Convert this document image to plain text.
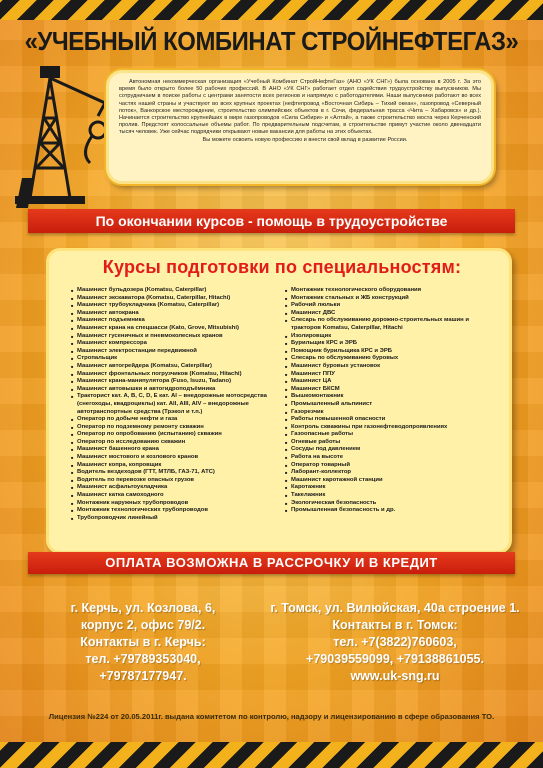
«УЧЕБНЫЙ КОМБИНАТ СТРОЙНЕФТЕГАЗ»

Автономная некоммерческая организация «Учебный Комбинат СтройНефтеГаз» (АНО «УК СНГ») была основана в 2005 г. За это время было открыто более 50 рабочих профессий. В АНО «УК СНГ» работает отдел содействия трудоустройству выпускников. Мы сотрудничаем в поиске работы с центрами занятости всех регионов и напрямую с работодателями. Наши выпускники работают во всех частях нашей страны и участвуют во всех крупных проектах (нефтепровод «Восточная Сибирь – Тихий океан», газопровод «Северный поток», Ванкорское месторождение, строительство олимпийских объектов в г. Сочи, федеральная трасса «Чита – Хабаровск» и др.). Начинается строительство крупнейших в мире газопроводов «Сила Сибири» и «Алтай», а также строительство моста через Керченский пролив. Предстоят колоссальные объемы работ. По предварительным подсчетам, в строительстве примут участие около двенадцати тысяч человек. Уже сейчас подрядчики открывают новые вакансии для работы на этих объектах.

Вы можете освоить новую профессию и внести свой вклад в развитие России.

По окончании курсов - помощь в трудоустройстве
Курсы подготовки по специальностям:
■ Машинист бульдозера (Komatsu, Caterpillar)
■ Машинист экскаватора (Komatsu, Caterpillar, Hitachi)
■ Машинист трубоукладчика (Komatsu, Caterpillar)
■ Машинист автокрана
■ Машинист подъемника
■ Машинист крана на спецшасси (Kato, Grove, Mitsubishi)
■ Машинист гусеничных и пневмоколесных кранов
■ Машинист компрессора
■ Машинист электростанции передвижной
■ Стропальщик
■ Машинист автогрейдера (Komatsu, Caterpillar)
■ Машинист фронтальных погрузчиков (Komatsu, Hitachi)
■ Машинист крана-манипулятора (Fuso, Isuzu, Tadano)
■ Машинист автовышки и автогидроподъёмника
■ Тракторист кат. A, B, C, D, E кат. AI – внедорожные мотосредства (снегоходы, квадроциклы) кат. AII, AIII, AIV – внедорожные автотранспортные средства (Трэкол и т.п.)
■ Оператор по добыче нефти и газа
■ Оператор по подземному ремонту скважин
■ Оператор по опробованию (испытанию) скважин
■ Оператор по исследованию скважин
■ Машинист башенного крана
■ Машинист мостового и козлового кранов
■ Машинист копра, копровщик
■ Водитель вездеходов (ГТТ, МТЛБ, ГАЗ-71, АТС)
■ Водитель по перевозке опасных грузов
■ Машинист асфальтоукладчика
■ Машинист катка самоходного
■ Монтажник наружных трубопроводов
■ Монтажник технологических трубопроводов
■ Трубопроводчик линейный
■ Монтажник технологического оборудования
■ Монтажник стальных и ЖБ конструкций
■ Рабочий люльки
■ Машинист ДВС
■ Слесарь по обслуживанию дорожно-строительных машин и тракторов Komatsu, Caterpillar, Hitachi
■ Изолировщик
■ Бурильщик КРС и ЭРБ
■ Помощник бурильщика КРС и ЭРБ
■ Слесарь по обслуживанию буровых
■ Машинист буровых установок
■ Машинист ППУ
■ Машинист ЦА
■ Машинист БКСМ
■ Вышкомонтажник
■ Промышленный альпинист
■ Газорезчик
■ Работы повышенной опасности
■ Контроль скважины при газонефтеводопроявлениях
■ Газоопасные работы
■ Огневые работы
■ Сосуды под давлением
■ Работа на высоте
■ Оператор товарный
■ Лаборант-коллектор
■ Машинист каротажной станции
■ Каротажник
■ Такелажник
■ Экологическая безопасность
■ Промышленная безопасность и др.
ОПЛАТА ВОЗМОЖНА В РАССРОЧКУ И В КРЕДИТ
г. Керчь, ул. Козлова, 6,
корпус 2, офис 79/2.
Контакты в г. Керчь:
тел. +79789353040,
+79787177947.
г. Томск, ул. Вилюйская, 40а строение 1.
Контакты в г. Томск:
тел. +7(3822)760603,
+79039559099, +79138861055.
www.uk-sng.ru
Лицензия №224 от 20.05.2011г. выдана комитетом по контролю, надзору и лицензированию в сфере образования ТО.
